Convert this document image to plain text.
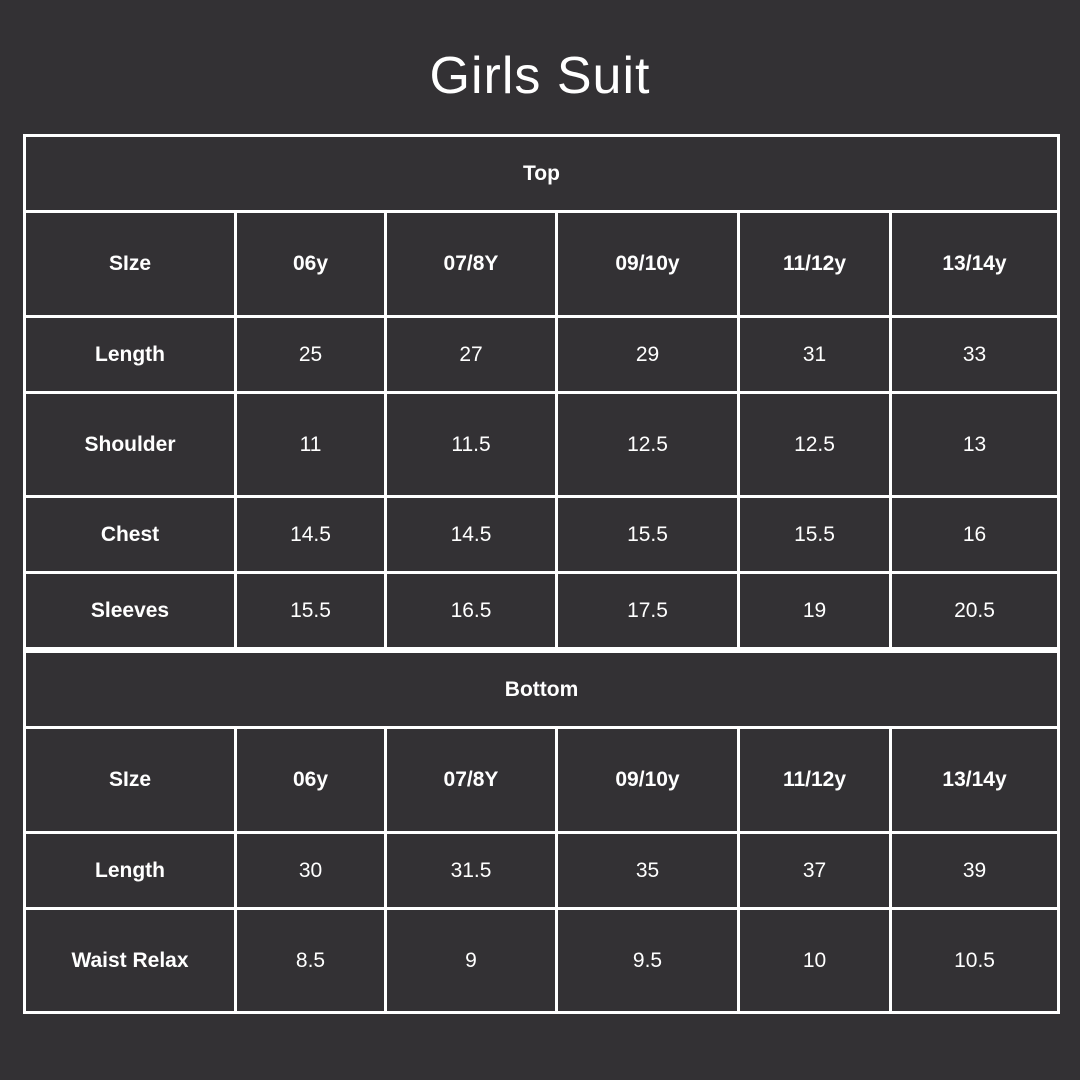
Girls Suit
Top					
SIze	06y	07/8Y	09/10y	11/12y	13/14y
Length	25	27	29	31	33
Shoulder	11	11.5	12.5	12.5	13
Chest	14.5	14.5	15.5	15.5	16
Sleeves	15.5	16.5	17.5	19	20.5
Bottom					
SIze	06y	07/8Y	09/10y	11/12y	13/14y
Length	30	31.5	35	37	39
Waist Relax	8.5	9	9.5	10	10.5
